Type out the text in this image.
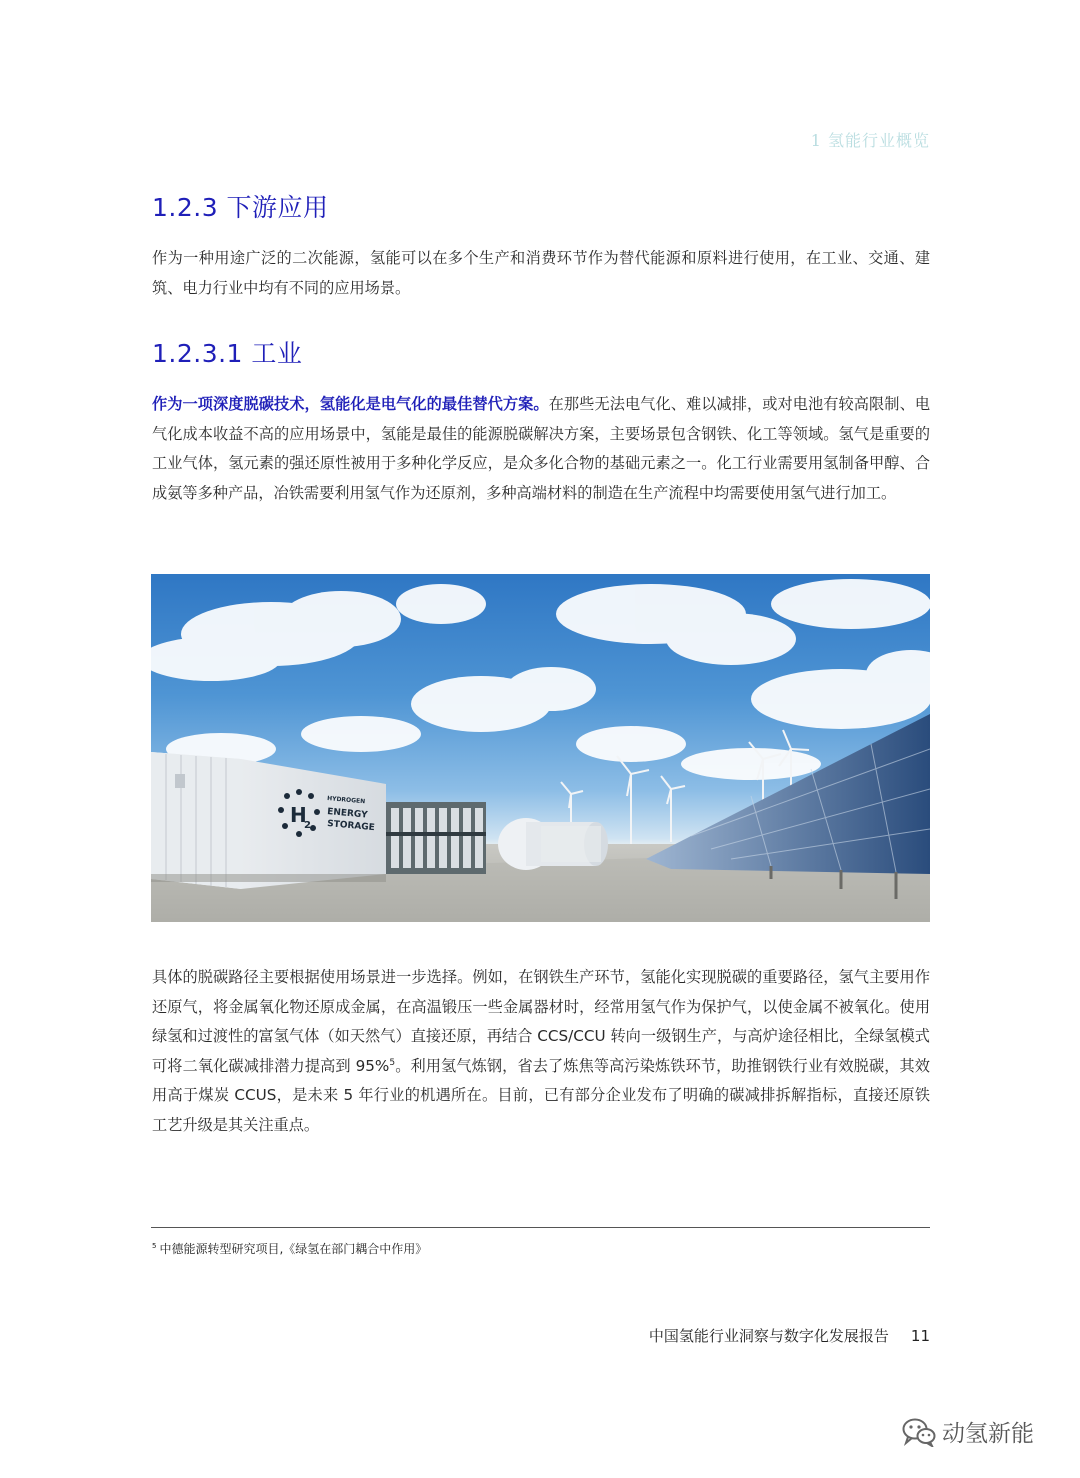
1 氢能行业概览
1.2.3 下游应用

作为一种用途广泛的二次能源，氢能可以在多个生产和消费环节作为替代能源和原料进行使用，在工业、交通、建筑、电力行业中均有不同的应用场景。

1.2.3.1 工业

作为一项深度脱碳技术，氢能化是电气化的最佳替代方案。在那些无法电气化、难以减排，或对电池有较高限制、电气化成本收益不高的应用场景中，氢能是最佳的能源脱碳解决方案，主要场景包含钢铁、化工等领域。氢气是重要的工业气体，氢元素的强还原性被用于多种化学反应，是众多化合物的基础元素之一。化工行业需要用氢制备甲醇、合成氨等多种产品，冶铁需要利用氢气作为还原剂，多种高端材料的制造在生产流程中均需要使用氢气进行加工。

H
2
HYDROGEN
ENERGY
STORAGE

具体的脱碳路径主要根据使用场景进一步选择。例如，在钢铁生产环节，氢能化实现脱碳的重要路径，氢气主要用作还原气，将金属氧化物还原成金属，在高温锻压一些金属器材时，经常用氢气作为保护气，以使金属不被氧化。使用绿氢和过渡性的富氢气体（如天然气）直接还原，再结合 CCS/CCU 转向一级钢生产，与高炉途径相比，全绿氢模式可将二氧化碳减排潜力提高到 95%$^5$。利用氢气炼钢，省去了炼焦等高污染炼铁环节，助推钢铁行业有效脱碳，其效用高于煤炭 CCUS，是未来 5 年行业的机遇所在。目前，已有部分企业发布了明确的碳减排拆解指标，直接还原铁工艺升级是其关注重点。

$^5$ 中德能源转型研究项目,《绿氢在部门耦合中作用》
中国氢能行业洞察与数字化发展报告 11
动氢新能
